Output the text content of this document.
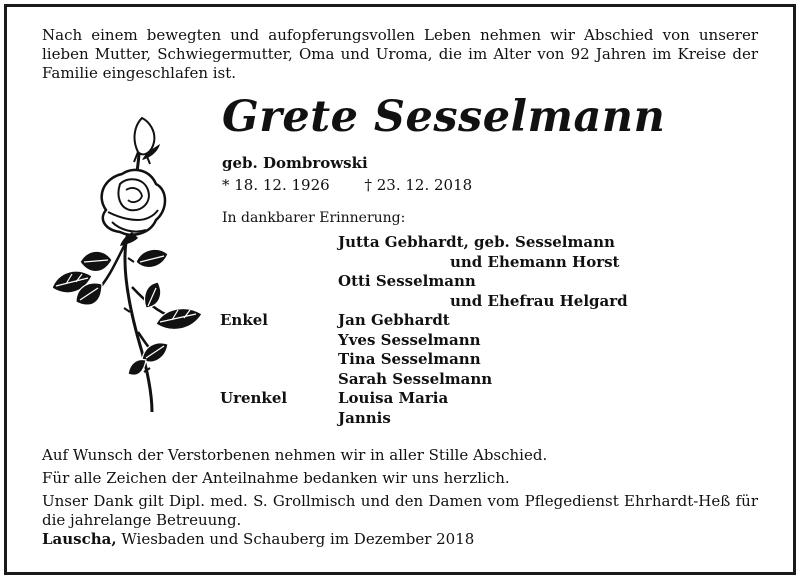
Nach einem bewegten und aufopferungsvollen Leben nehmen wir Abschied von unserer lieben Mutter, Schwiegermutter, Oma und Uroma, die im Alter von 92 Jahren im Kreise der Familie eingeschlafen ist.
Grete Sesselmann
geb. Dombrowski
* 18. 12. 1926 † 23. 12. 2018
In dankbarer Erinnerung:
Jutta Gebhardt, geb. Sesselmann
und Ehemann Horst
Otti Sesselmann
und Ehefrau Helgard
Enkel	Jan Gebhardt
Yves Sesselmann
Tina Sesselmann
Sarah Sesselmann
Urenkel	Louisa Maria
Jannis

Auf Wunsch der Verstorbenen nehmen wir in aller Stille Abschied.

Für alle Zeichen der Anteilnahme bedanken wir uns herzlich.

Unser Dank gilt Dipl. med. S. Grollmisch und den Damen vom Pflegedienst Ehrhardt-Heß für die jahrelange Betreuung.

Lauscha, Wiesbaden und Schauberg im Dezember 2018
